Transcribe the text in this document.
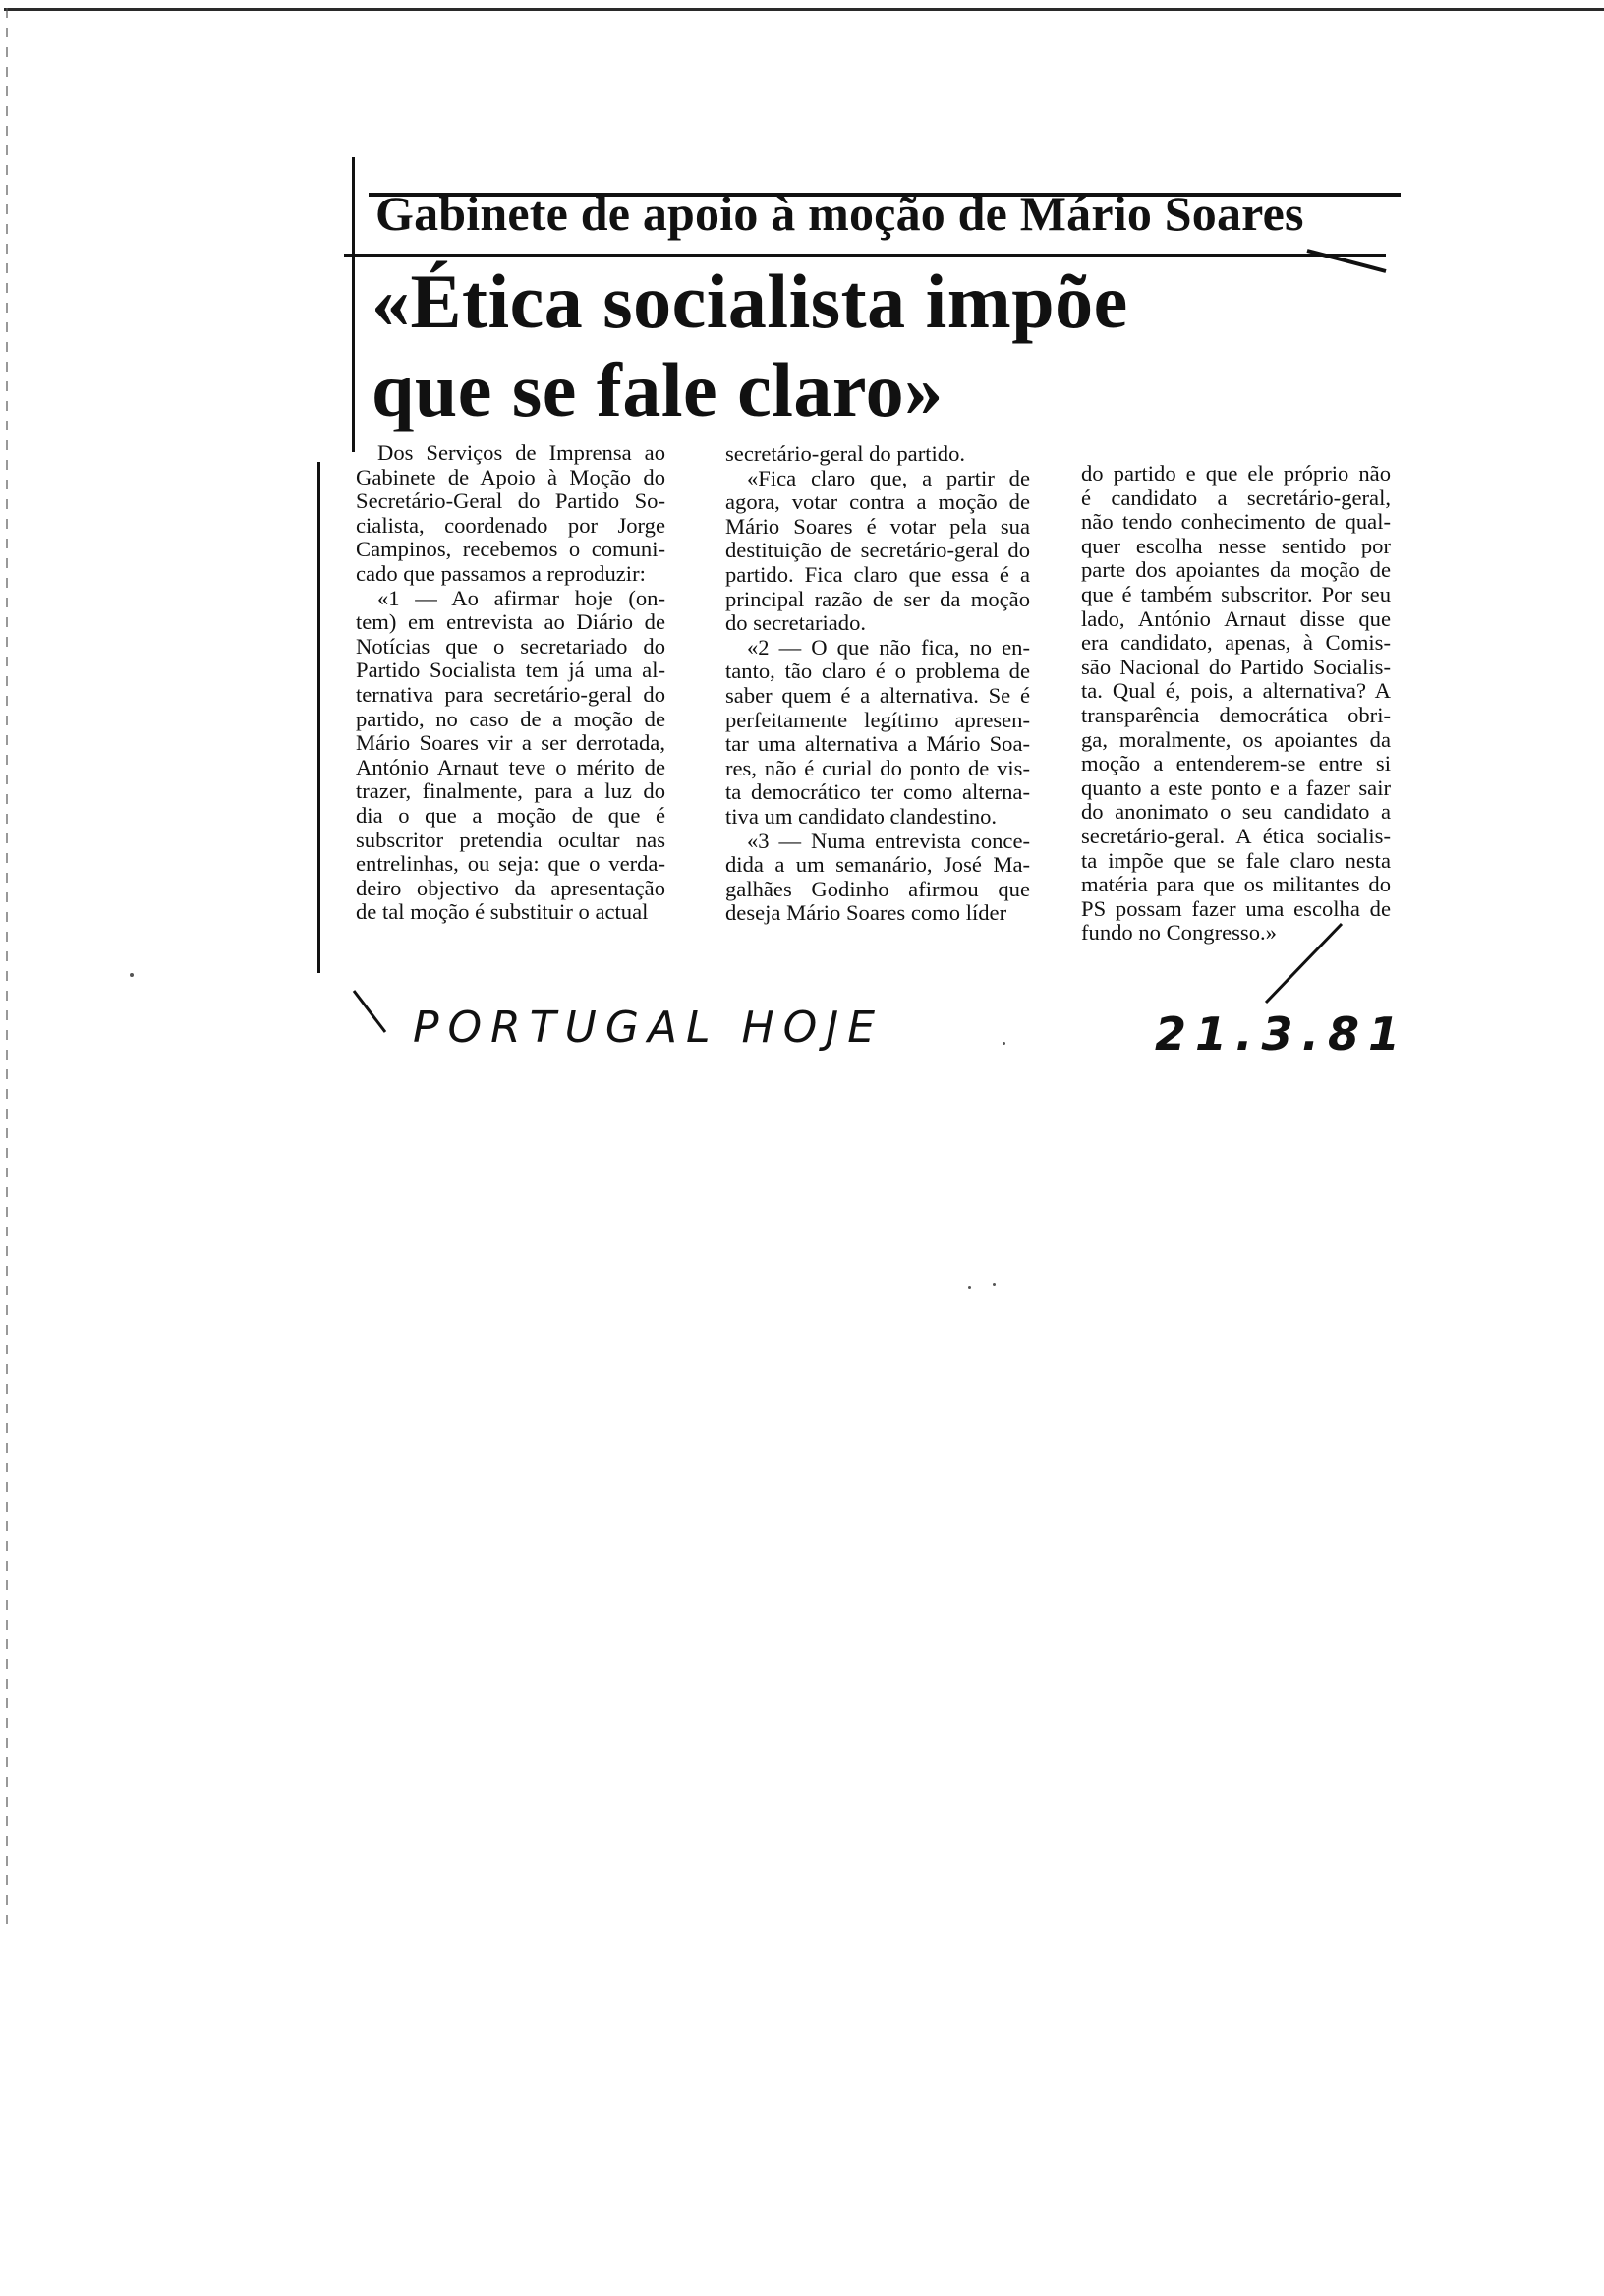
Gabinete de apoio à moção de Mário Soares
«Ética socialista impõe
que se fale claro»
Dos Serviços de Imprensa ao
Gabinete de Apoio à Moção do
Secretário-Geral do Partido So-
cialista, coordenado por Jorge
Campinos, recebemos o comuni-
cado que passamos a reproduzir:
«1 — Ao afirmar hoje (on-
tem) em entrevista ao Diário de
Notícias que o secretariado do
Partido Socialista tem já uma al-
ternativa para secretário-geral do
partido, no caso de a moção de
Mário Soares vir a ser derrotada,
António Arnaut teve o mérito de
trazer, finalmente, para a luz do
dia o que a moção de que é
subscritor pretendia ocultar nas
entrelinhas, ou seja: que o verda-
deiro objectivo da apresentação
de tal moção é substituir o actual
secretário-geral do partido.
«Fica claro que, a partir de
agora, votar contra a moção de
Mário Soares é votar pela sua
destituição de secretário-geral do
partido. Fica claro que essa é a
principal razão de ser da moção
do secretariado.
«2 — O que não fica, no en-
tanto, tão claro é o problema de
saber quem é a alternativa. Se é
perfeitamente legítimo apresen-
tar uma alternativa a Mário Soa-
res, não é curial do ponto de vis-
ta democrático ter como alterna-
tiva um candidato clandestino.
«3 — Numa entrevista conce-
dida a um semanário, José Ma-
galhães Godinho afirmou que
deseja Mário Soares como líder
do partido e que ele próprio não
é candidato a secretário-geral,
não tendo conhecimento de qual-
quer escolha nesse sentido por
parte dos apoiantes da moção de
que é também subscritor. Por seu
lado, António Arnaut disse que
era candidato, apenas, à Comis-
são Nacional do Partido Socialis-
ta. Qual é, pois, a alternativa? A
transparência democrática obri-
ga, moralmente, os apoiantes da
moção a entenderem-se entre si
quanto a este ponto e a fazer sair
do anonimato o seu candidato a
secretário-geral. A ética socialis-
ta impõe que se fale claro nesta
matéria para que os militantes do
PS possam fazer uma escolha de
fundo no Congresso.»
PORTUGAL HOJE	21.3.81
